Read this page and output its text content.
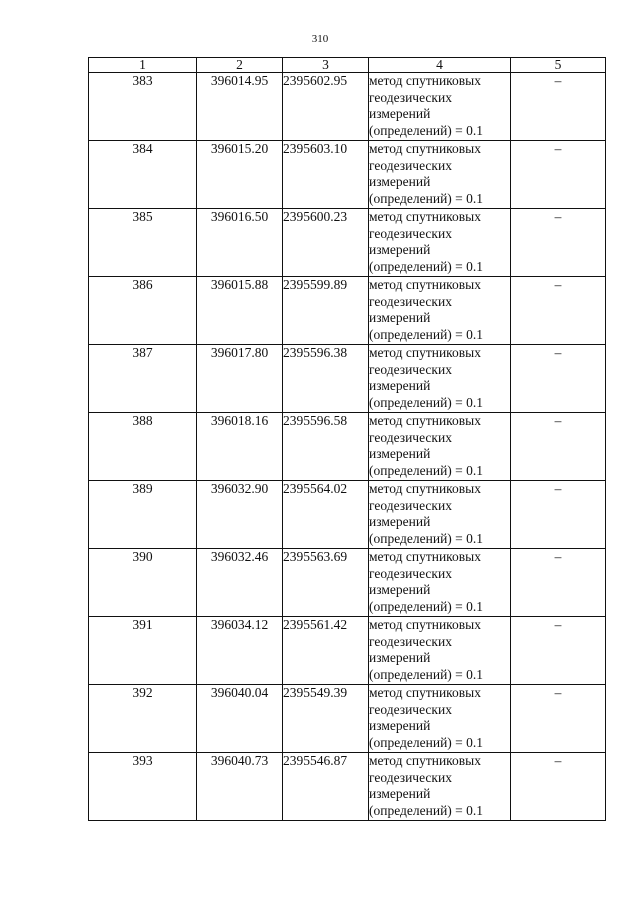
310
1	2	3	4	5
383	396014.95	2395602.95	метод спутниковых
геодезических
измерений
(определений) = 0.1	–
384	396015.20	2395603.10	метод спутниковых
геодезических
измерений
(определений) = 0.1	–
385	396016.50	2395600.23	метод спутниковых
геодезических
измерений
(определений) = 0.1	–
386	396015.88	2395599.89	метод спутниковых
геодезических
измерений
(определений) = 0.1	–
387	396017.80	2395596.38	метод спутниковых
геодезических
измерений
(определений) = 0.1	–
388	396018.16	2395596.58	метод спутниковых
геодезических
измерений
(определений) = 0.1	–
389	396032.90	2395564.02	метод спутниковых
геодезических
измерений
(определений) = 0.1	–
390	396032.46	2395563.69	метод спутниковых
геодезических
измерений
(определений) = 0.1	–
391	396034.12	2395561.42	метод спутниковых
геодезических
измерений
(определений) = 0.1	–
392	396040.04	2395549.39	метод спутниковых
геодезических
измерений
(определений) = 0.1	–
393	396040.73	2395546.87	метод спутниковых
геодезических
измерений
(определений) = 0.1	–
